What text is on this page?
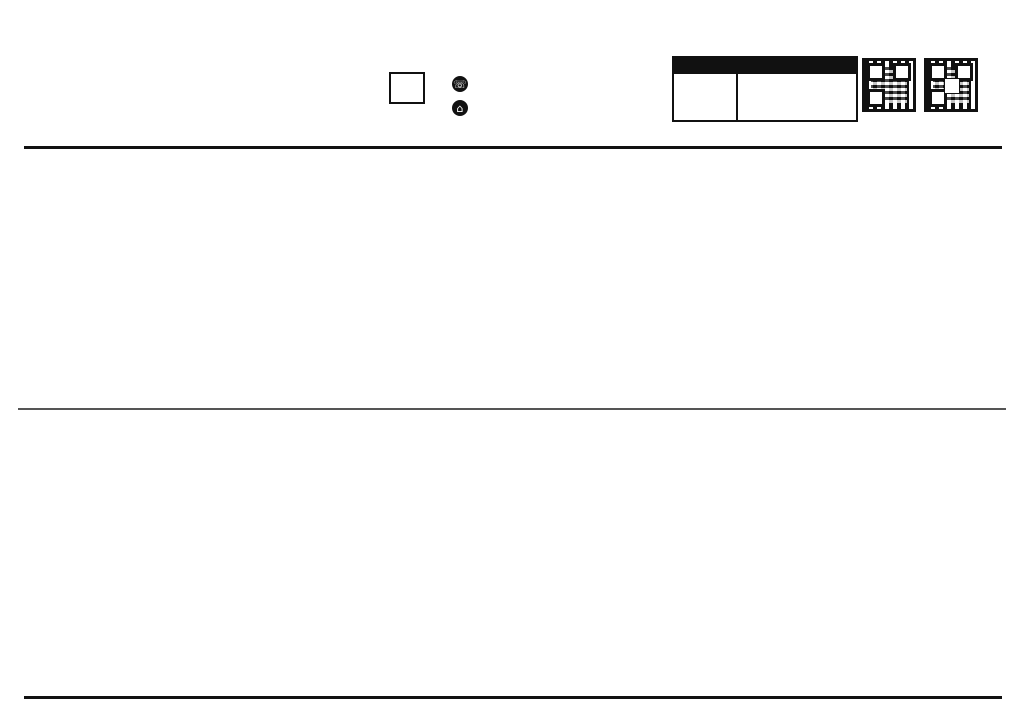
☏
⌂
